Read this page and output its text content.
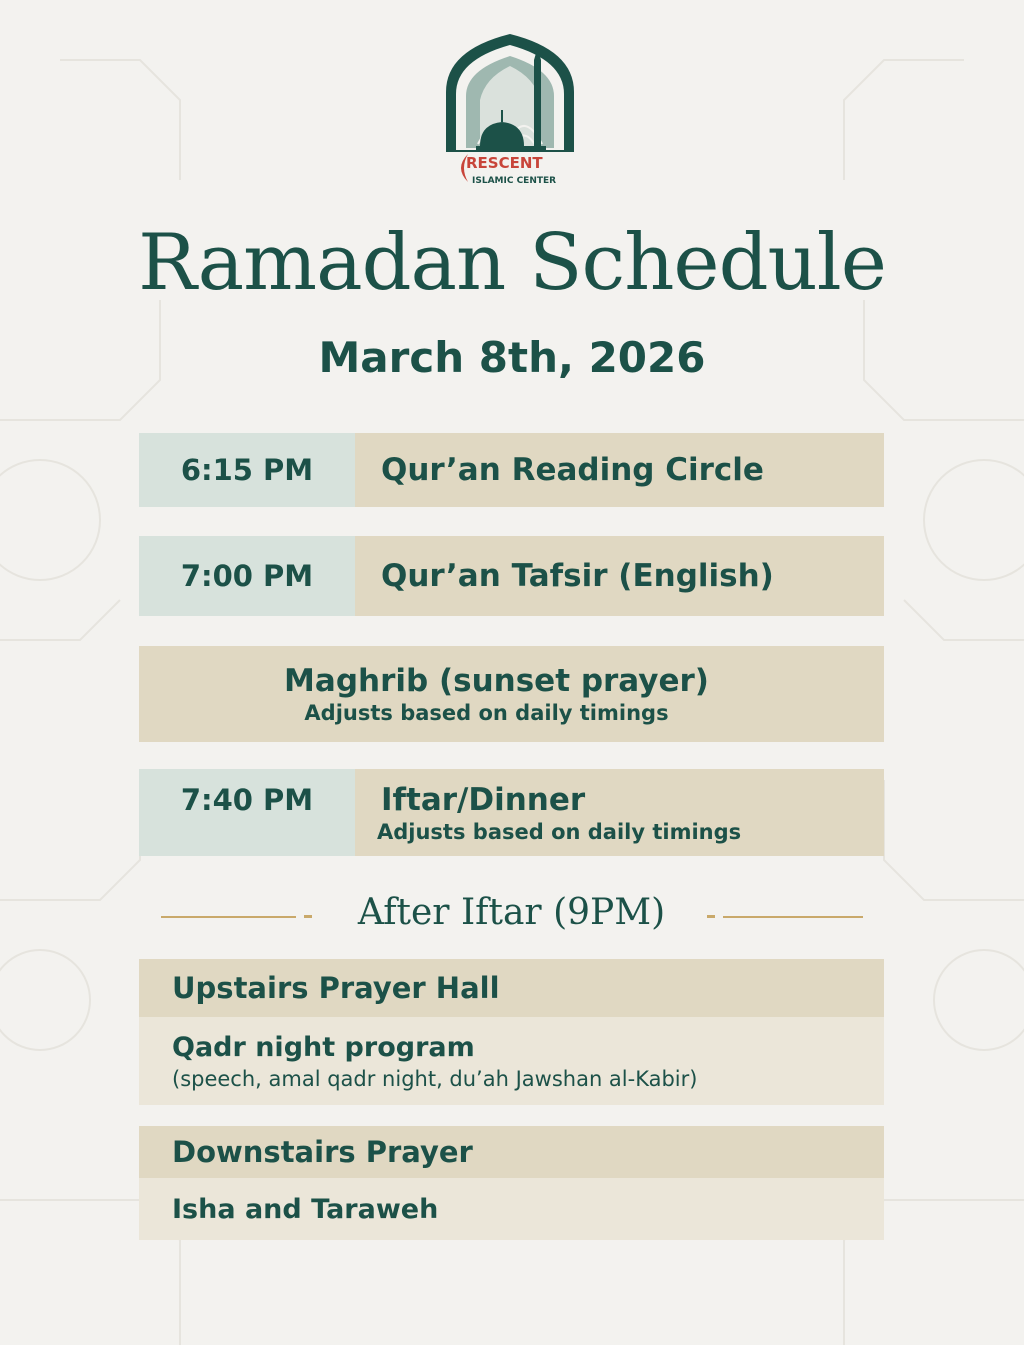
RESCENT
ISLAMIC CENTER
Ramadan Schedule
March 8th, 2026
6:15 PM	Qur’an Reading Circle
7:00 PM	Qur’an Tafsir (English)
Maghrib (sunset prayer)
Adjusts based on daily timings
7:40 PM	Iftar/Dinner
Adjusts based on daily timings
After Iftar (9PM)
Upstairs Prayer Hall
Qadr night program
(speech, amal qadr night, du’ah Jawshan al-Kabir)
Downstairs Prayer
Isha and Taraweh
